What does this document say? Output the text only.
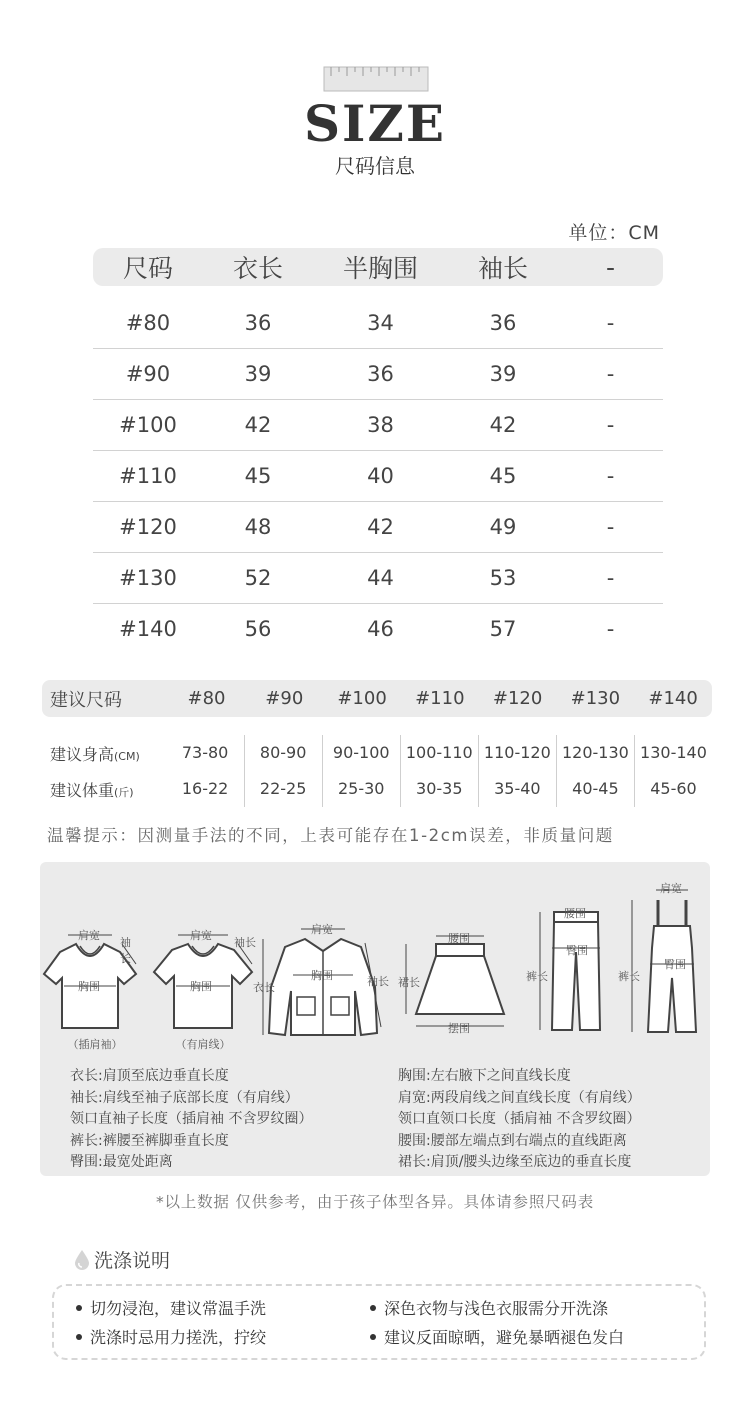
SIZE
尺码信息
单位：CM
尺码	衣长	半胸围	袖长	-
#80	36	34	36	-
#90	39	36	39	-
#100	42	38	42	-
#110	45	40	45	-
#120	48	42	49	-
#130	52	44	53	-
#140	56	46	57	-
建议尺码	#80	#90	#100	#110	#120	#130	#140
建议身高(CM)	73-80	80-90	90-100	100-110 110-120 120-130 130-140
建议体重(斤)	16-22	22-25	25-30	30-35	35-40	40-45	45-60
温馨提示：因测量手法的不同，上表可能存在1-2cm误差，非质量问题
肩宽
胸围
袖长
（插肩袖）
肩宽
胸围
袖长
（有肩线）
肩宽
胸围
衣长	袖长
腰围
裙长
摆围
腰围
臀围
裤长
肩宽
臀围
裤长
衣长:肩顶至底边垂直长度
袖长:肩线至袖子底部长度（有肩线）
领口直袖子长度（插肩袖 不含罗纹圈）
裤长:裤腰至裤脚垂直长度
臀围:最宽处距离
胸围:左右腋下之间直线长度
肩宽:两段肩线之间直线长度（有肩线）
领口直领口长度（插肩袖 不含罗纹圈）
腰围:腰部左端点到右端点的直线距离
裙长:肩顶/腰头边缘至底边的垂直长度
*以上数据 仅供参考，由于孩子体型各异。具体请参照尺码表
洗涤说明
切勿浸泡，建议常温手洗	深色衣物与浅色衣服需分开洗涤
洗涤时忌用力搓洗，拧绞	建议反面晾晒，避免暴晒褪色发白
